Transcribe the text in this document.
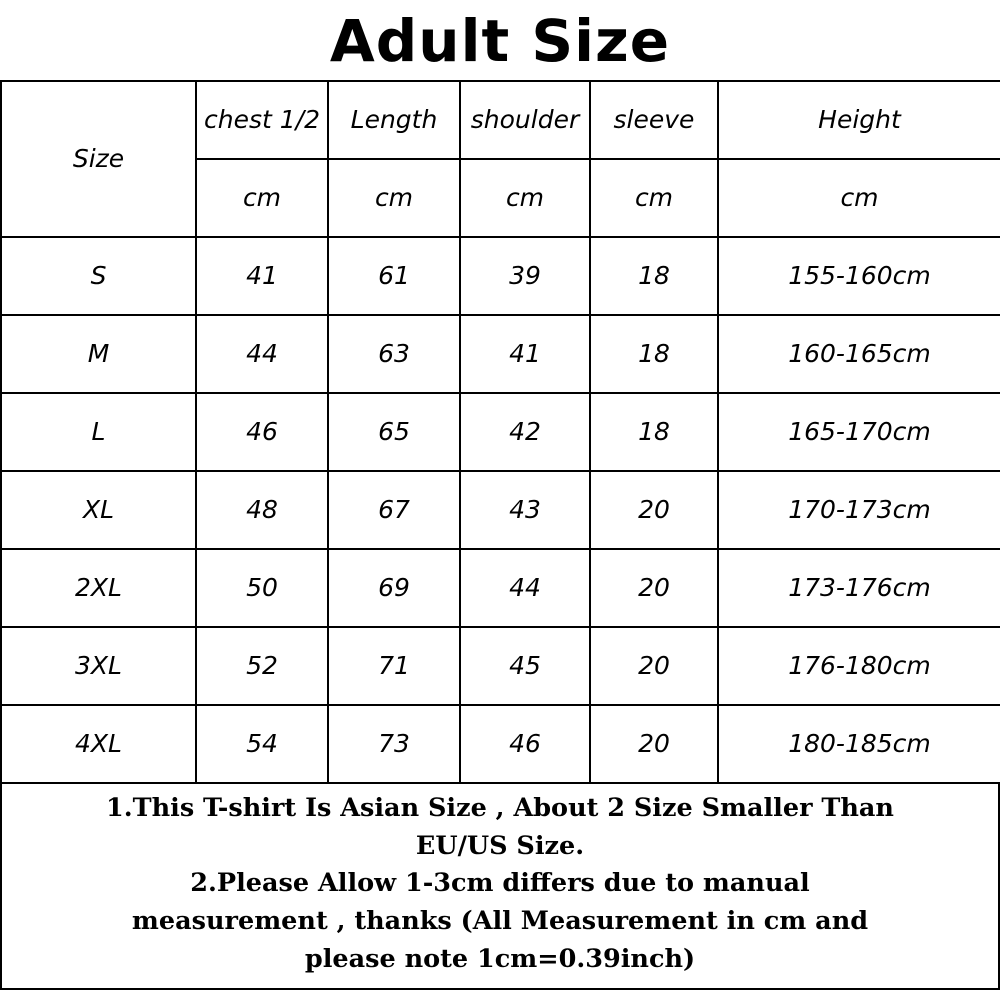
Adult Size
Size	chest 1/2	Length	shoulder	sleeve	Height
	cm	cm	cm	cm	cm
S	41	61	39	18	155-160cm
M	44	63	41	18	160-165cm
L	46	65	42	18	165-170cm
XL	48	67	43	20	170-173cm
2XL	50	69	44	20	173-176cm
3XL	52	71	45	20	176-180cm
4XL	54	73	46	20	180-185cm

1.This T-shirt Is Asian Size , About 2 Size Smaller Than

EU/US Size.

2.Please Allow 1-3cm differs due to manual

measurement , thanks (All Measurement in cm and

please note 1cm=0.39inch)
